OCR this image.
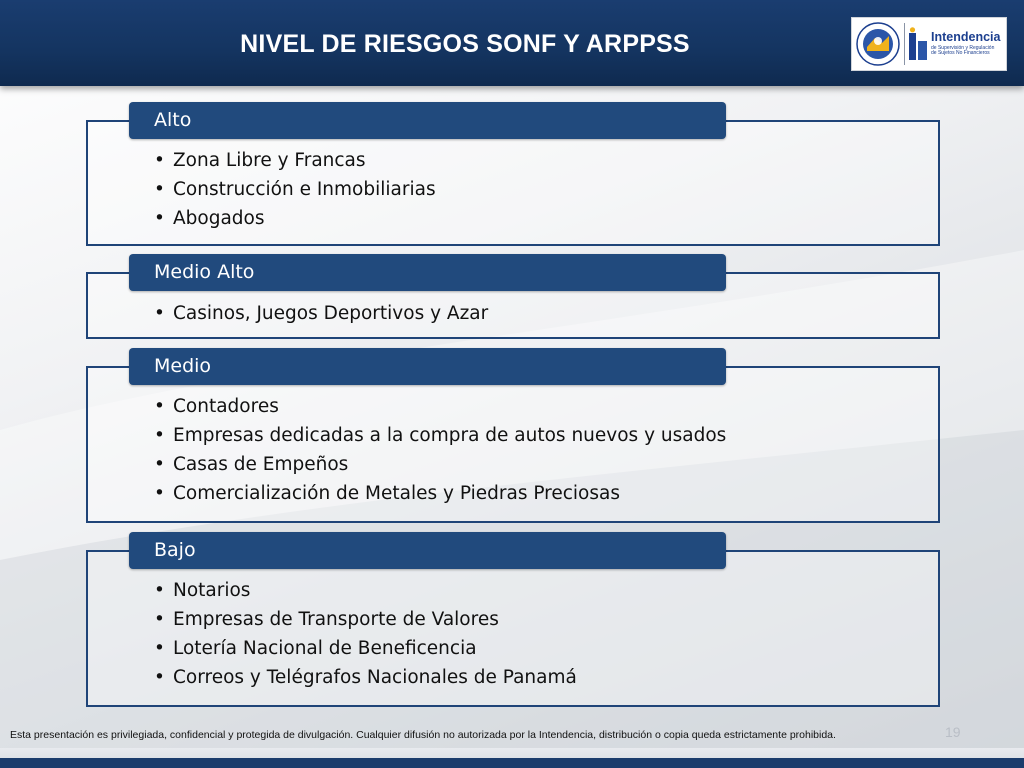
NIVEL DE RIESGOS SONF Y ARPPSS	Intendencia
de Supervisión y Regulación de Sujetos No Financieros
Alto
• Zona Libre y Francas
• Construcción e Inmobiliarias
• Abogados
Medio Alto
• Casinos, Juegos Deportivos y Azar
Medio
• Contadores
• Empresas dedicadas a la compra de autos nuevos y usados
• Casas de Empeños
• Comercialización de Metales y Piedras Preciosas
Bajo
• Notarios
• Empresas de Transporte de Valores
• Lotería Nacional de Beneficencia
• Correos y Telégrafos Nacionales de Panamá
Esta presentación es privilegiada, confidencial y protegida de divulgación. Cualquier difusión no autorizada por la Intendencia, distribución o copia queda estrictamente prohibida.	19
